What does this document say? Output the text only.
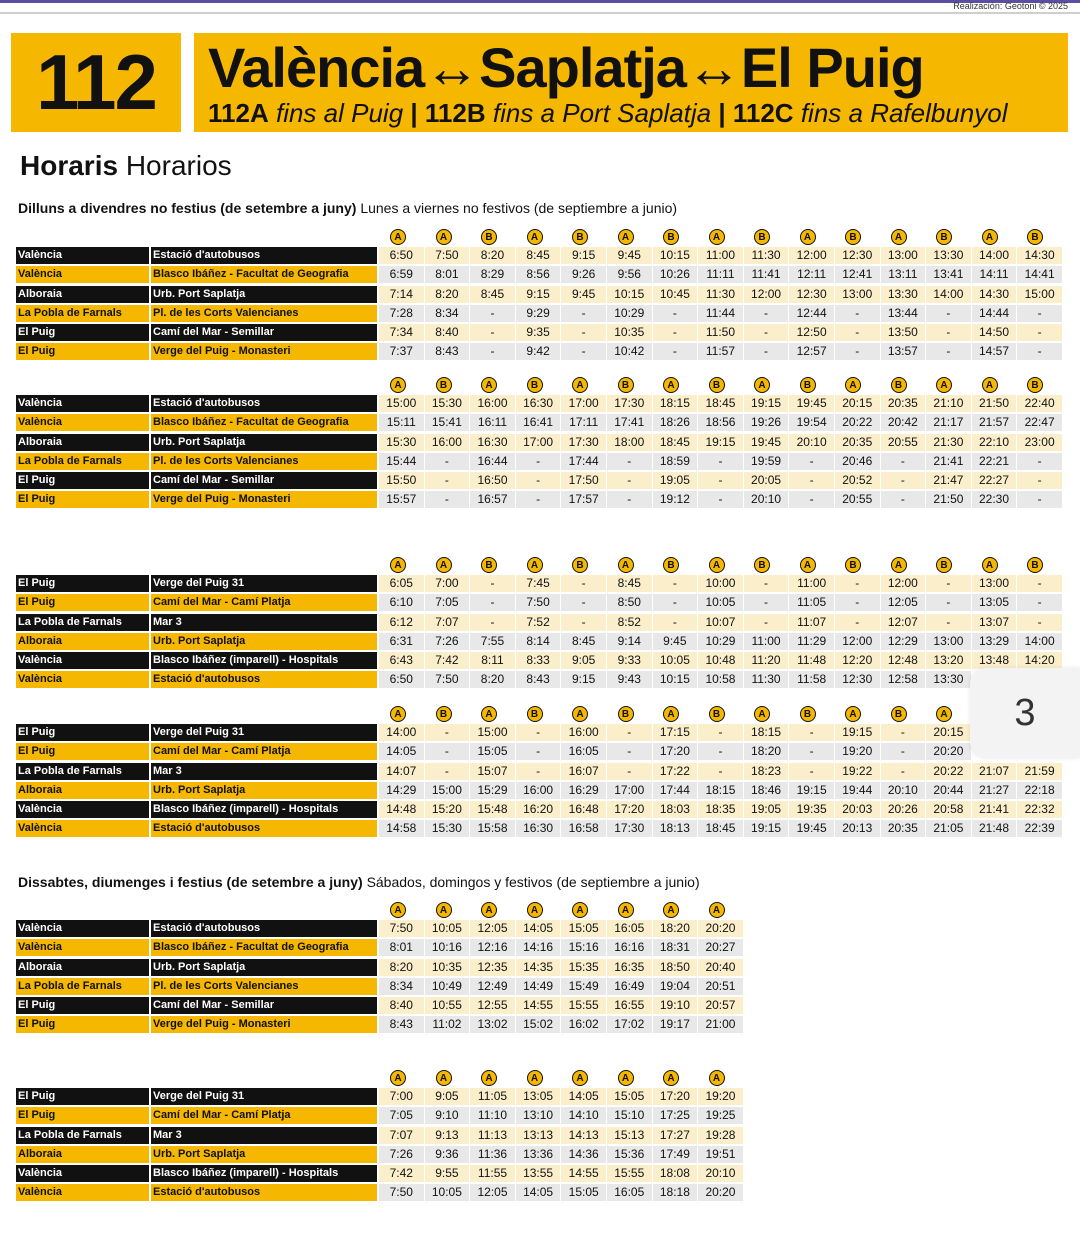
Realización: Geotoni © 2025
112 València↔Saplatja↔El Puig
112A fins al Puig | 112B fins a Port Saplatja | 112C fins a Rafelbunyol
Horaris Horarios
Dilluns a divendres no festius (de setembre a juny) Lunes a viernes no festivos (de septiembre a junio)
A	A	B	A	B	A	B	A	B	A	B	A	B	A	B
València	Estació d'autobusos	6:50	7:50	8:20	8:45	9:15	9:45	10:15	11:00	11:30	12:00	12:30	13:00	13:30	14:00	14:30
València	Blasco Ibáñez - Facultat de Geografia	6:59	8:01	8:29	8:56	9:26	9:56	10:26	11:11	11:41	12:11	12:41	13:11	13:41	14:11	14:41
Alboraia	Urb. Port Saplatja	7:14	8:20	8:45	9:15	9:45	10:15	10:45	11:30	12:00	12:30	13:00	13:30	14:00	14:30	15:00
La Pobla de Farnals	Pl. de les Corts Valencianes	7:28	8:34	-	9:29	-	10:29	-	11:44	-	12:44	-	13:44	-	14:44	-
El Puig	Camí del Mar - Semillar	7:34	8:40	-	9:35	-	10:35	-	11:50	-	12:50	-	13:50	-	14:50	-
El Puig	Verge del Puig - Monasteri	7:37	8:43	-	9:42	-	10:42	-	11:57	-	12:57	-	13:57	-	14:57	-
A	B	A	B	A	B	A	B	A	B	A	B	A	A	B
València	Estació d'autobusos	15:00	15:30	16:00	16:30	17:00	17:30	18:15	18:45	19:15	19:45	20:15	20:35	21:10	21:50	22:40
València	Blasco Ibáñez - Facultat de Geografia	15:11	15:41	16:11	16:41	17:11	17:41	18:26	18:56	19:26	19:54	20:22	20:42	21:17	21:57	22:47
Alboraia	Urb. Port Saplatja	15:30	16:00	16:30	17:00	17:30	18:00	18:45	19:15	19:45	20:10	20:35	20:55	21:30	22:10	23:00
La Pobla de Farnals	Pl. de les Corts Valencianes	15:44	-	16:44	-	17:44	-	18:59	-	19:59	-	20:46	-	21:41	22:21	-
El Puig	Camí del Mar - Semillar	15:50	-	16:50	-	17:50	-	19:05	-	20:05	-	20:52	-	21:47	22:27	-
El Puig	Verge del Puig - Monasteri	15:57	-	16:57	-	17:57	-	19:12	-	20:10	-	20:55	-	21:50	22:30	-
A	A	B	A	B	A	B	A	B	A	B	A	B	A	B
El Puig	Verge del Puig 31	6:05	7:00	-	7:45	-	8:45	-	10:00	-	11:00	-	12:00	-	13:00	-
El Puig	Camí del Mar - Camí Platja	6:10	7:05	-	7:50	-	8:50	-	10:05	-	11:05	-	12:05	-	13:05	-
La Pobla de Farnals	Mar 3	6:12	7:07	-	7:52	-	8:52	-	10:07	-	11:07	-	12:07	-	13:07	-
Alboraia	Urb. Port Saplatja	6:31	7:26	7:55	8:14	8:45	9:14	9:45	10:29	11:00	11:29	12:00	12:29	13:00	13:29	14:00
València	Blasco Ibáñez (imparell) - Hospitals	6:43	7:42	8:11	8:33	9:05	9:33	10:05	10:48	11:20	11:48	12:20	12:48	13:20	13:48	14:20
València	Estació d'autobusos	6:50	7:50	8:20	8:43	9:15	9:43	10:15	10:58	11:30	11:58	12:30	12:58	13:30
A	B	A	B	A	B	A	B	A	B	A	B	A
El Puig	Verge del Puig 31	14:00	-	15:00	-	16:00	-	17:15	-	18:15	-	19:15	-	20:15
El Puig	Camí del Mar - Camí Platja	14:05	-	15:05	-	16:05	-	17:20	-	18:20	-	19:20	-	20:20
La Pobla de Farnals	Mar 3	14:07	-	15:07	-	16:07	-	17:22	-	18:23	-	19:22	-	20:22	21:07	21:59
Alboraia	Urb. Port Saplatja	14:29	15:00	15:29	16:00	16:29	17:00	17:44	18:15	18:46	19:15	19:44	20:10	20:44	21:27	22:18
València	Blasco Ibáñez (imparell) - Hospitals	14:48	15:20	15:48	16:20	16:48	17:20	18:03	18:35	19:05	19:35	20:03	20:26	20:58	21:41	22:32
València	Estació d'autobusos	14:58	15:30	15:58	16:30	16:58	17:30	18:13	18:45	19:15	19:45	20:13	20:35	21:05	21:48	22:39
Dissabtes, diumenges i festius (de setembre a juny) Sábados, domingos y festivos (de septiembre a junio)
A	A	A	A	A	A	A	A
València	Estació d'autobusos	7:50	10:05	12:05	14:05	15:05	16:05	18:20	20:20
València	Blasco Ibáñez - Facultat de Geografia	8:01	10:16	12:16	14:16	15:16	16:16	18:31	20:27
Alboraia	Urb. Port Saplatja	8:20	10:35	12:35	14:35	15:35	16:35	18:50	20:40
La Pobla de Farnals	Pl. de les Corts Valencianes	8:34	10:49	12:49	14:49	15:49	16:49	19:04	20:51
El Puig	Camí del Mar - Semillar	8:40	10:55	12:55	14:55	15:55	16:55	19:10	20:57
El Puig	Verge del Puig - Monasteri	8:43	11:02	13:02	15:02	16:02	17:02	19:17	21:00
A	A	A	A	A	A	A	A
El Puig	Verge del Puig 31	7:00	9:05	11:05	13:05	14:05	15:05	17:20	19:20
El Puig	Camí del Mar - Camí Platja	7:05	9:10	11:10	13:10	14:10	15:10	17:25	19:25
La Pobla de Farnals	Mar 3	7:07	9:13	11:13	13:13	14:13	15:13	17:27	19:28
Alboraia	Urb. Port Saplatja	7:26	9:36	11:36	13:36	14:36	15:36	17:49	19:51
València	Blasco Ibáñez (imparell) - Hospitals	7:42	9:55	11:55	13:55	14:55	15:55	18:08	20:10
València	Estació d'autobusos	7:50	10:05	12:05	14:05	15:05	16:05	18:18	20:20
3
